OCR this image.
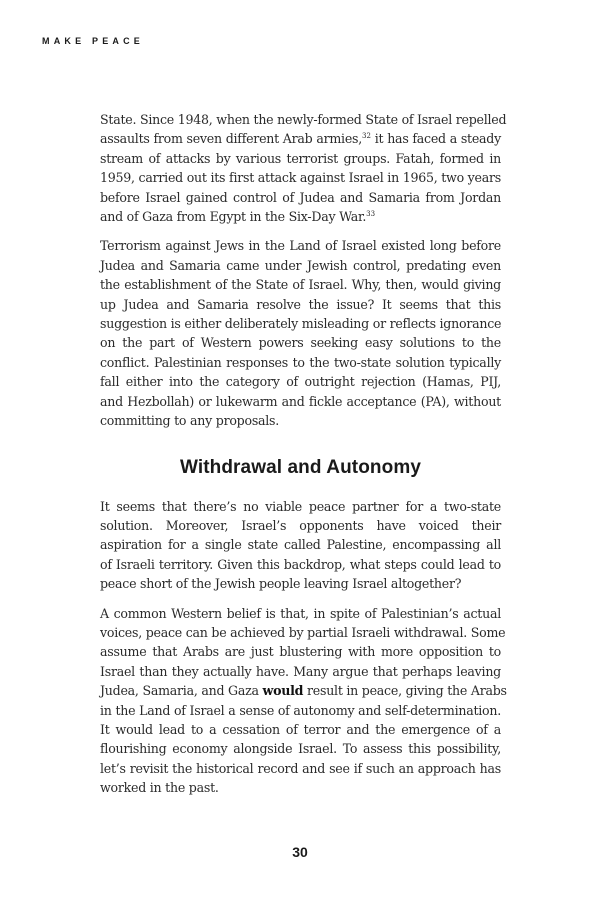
MAKE PEACE

State. Since 1948, when the newly-formed State of Israel repelled
assaults from seven different Arab armies,$^{32}$ it has faced a steady
stream of attacks by various terrorist groups. Fatah, formed in
1959, carried out its first attack against Israel in 1965, two years
before Israel gained control of Judea and Samaria from Jordan
and of Gaza from Egypt in the Six-Day War.$^{33}$

Terrorism against Jews in the Land of Israel existed long before
Judea and Samaria came under Jewish control, predating even
the establishment of the State of Israel. Why, then, would giving
up Judea and Samaria resolve the issue? It seems that this
suggestion is either deliberately misleading or reflects ignorance
on the part of Western powers seeking easy solutions to the
conflict. Palestinian responses to the two-state solution typically
fall either into the category of outright rejection (Hamas, PIJ,
and Hezbollah) or lukewarm and fickle acceptance (PA), without
committing to any proposals.

Withdrawal and Autonomy

It seems that there’s no viable peace partner for a two-state
solution. Moreover, Israel’s opponents have voiced their
aspiration for a single state called Palestine, encompassing all
of Israeli territory. Given this backdrop, what steps could lead to
peace short of the Jewish people leaving Israel altogether?

A common Western belief is that, in spite of Palestinian’s actual
voices, peace can be achieved by partial Israeli withdrawal. Some
assume that Arabs are just blustering with more opposition to
Israel than they actually have. Many argue that perhaps leaving
Judea, Samaria, and Gaza would result in peace, giving the Arabs
in the Land of Israel a sense of autonomy and self-determination.
It would lead to a cessation of terror and the emergence of a
flourishing economy alongside Israel. To assess this possibility,
let’s revisit the historical record and see if such an approach has
worked in the past.

30
